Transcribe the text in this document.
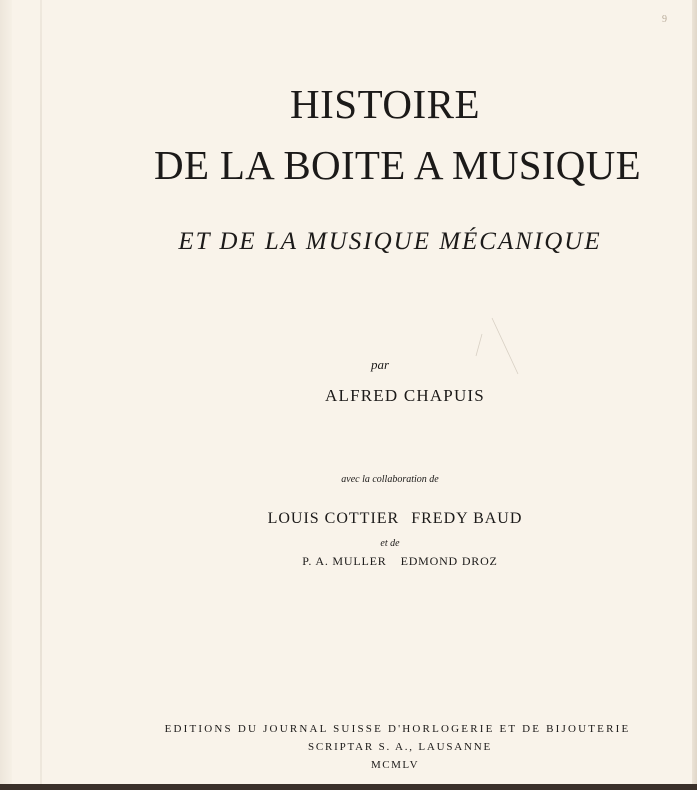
9
HISTOIRE
DE LA BOITE A MUSIQUE
ET DE LA MUSIQUE MÉCANIQUE
par
ALFRED CHAPUIS
avec la collaboration de
LOUIS COTTIER FREDY BAUD
et de
P. A. MULLER EDMOND DROZ
EDITIONS DU JOURNAL SUISSE D'HORLOGERIE ET DE BIJOUTERIE
SCRIPTAR S. A., LAUSANNE
MCMLV
